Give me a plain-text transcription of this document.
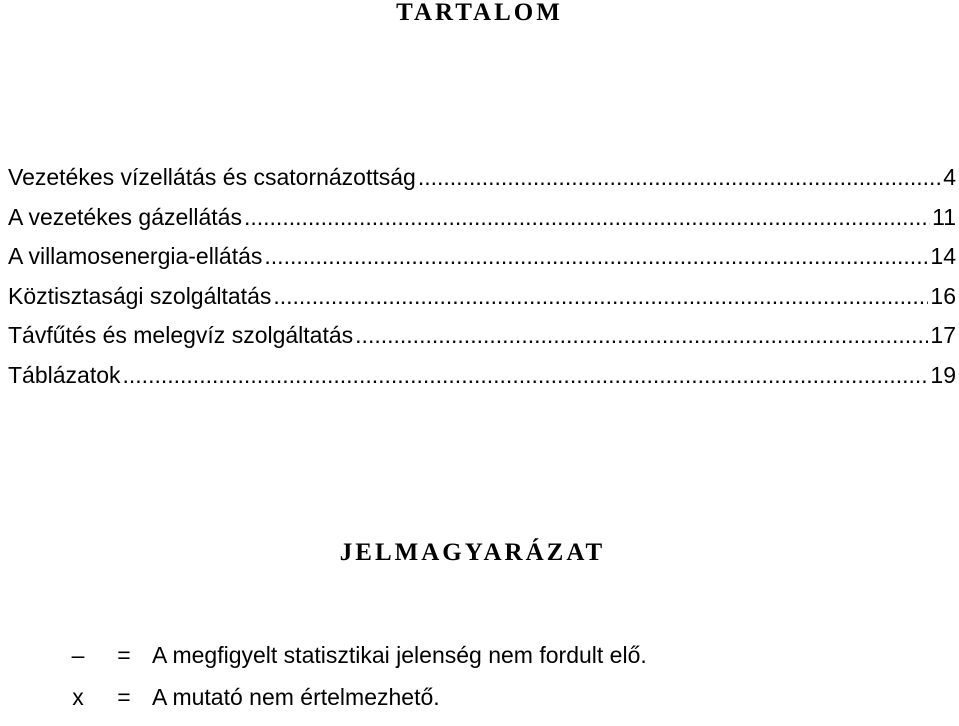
TARTALOM
Vezetékes vízellátás és csatornázottság .....	4
A vezetékes gázellátás .....	11
A villamosenergia-ellátás .....	14
Köztisztasági szolgáltatás .....	16
Távfűtés és melegvíz szolgáltatás .....	17
Táblázatok .....	19
JELMAGYARÁZAT
–	= A megfigyelt statisztikai jelenség nem fordult elő.
x	= A mutató nem értelmezhető.
